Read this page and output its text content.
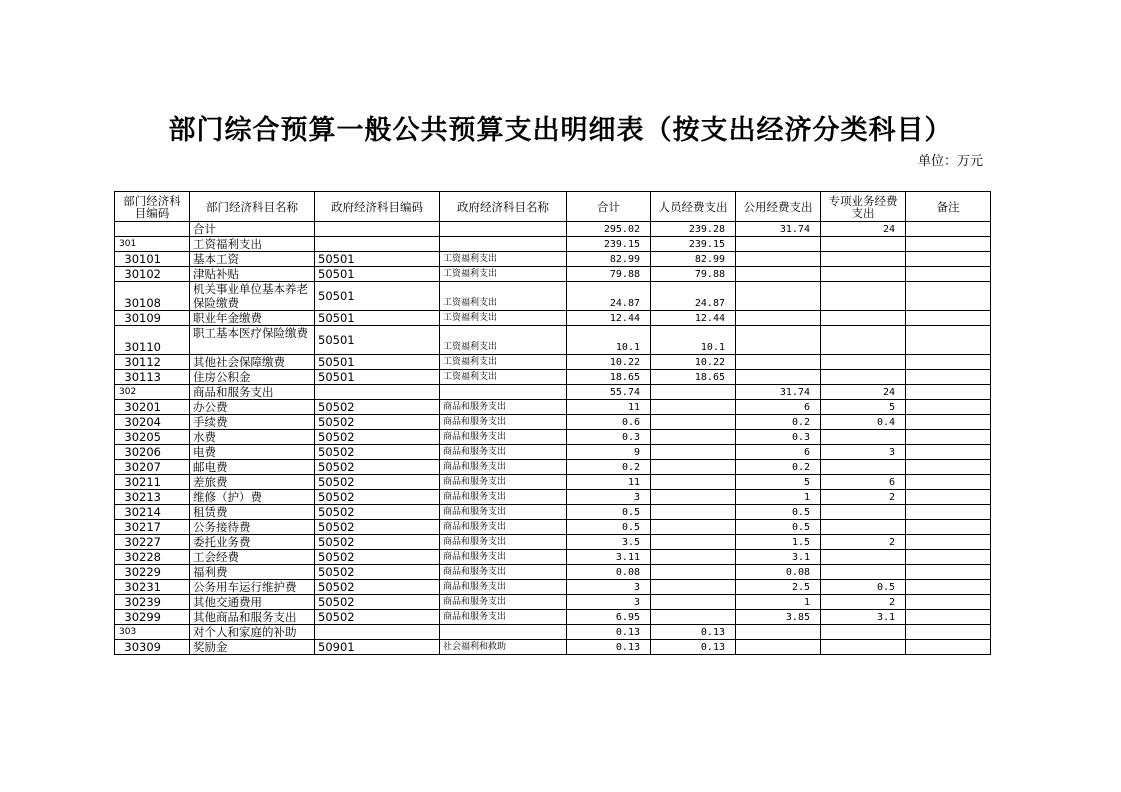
部门综合预算一般公共预算支出明细表（按支出经济分类科目）
单位：万元
部门经济科目编码	部门经济科目名称	政府经济科目编码	政府经济科目名称	合计	人员经费支出	公用经费支出	专项业务经费支出	备注
	合计			295.02	239.28	31.74	24	
301	工资福利支出			239.15	239.15			
30101	基本工资	50501	工资福利支出	82.99	82.99			
30102	津贴补贴	50501	工资福利支出	79.88	79.88			
30108	机关事业单位基本养老保险缴费	50501	工资福利支出	24.87	24.87			
30109	职业年金缴费	50501	工资福利支出	12.44	12.44			
30110	职工基本医疗保险缴费	50501	工资福利支出	10.1	10.1			
30112	其他社会保障缴费	50501	工资福利支出	10.22	10.22			
30113	住房公积金	50501	工资福利支出	18.65	18.65			
302	商品和服务支出			55.74		31.74	24	
30201	办公费	50502	商品和服务支出	11		6	5	
30204	手续费	50502	商品和服务支出	0.6		0.2	0.4	
30205	水费	50502	商品和服务支出	0.3		0.3		
30206	电费	50502	商品和服务支出	9		6	3	
30207	邮电费	50502	商品和服务支出	0.2		0.2		
30211	差旅费	50502	商品和服务支出	11		5	6	
30213	维修（护）费	50502	商品和服务支出	3		1	2	
30214	租赁费	50502	商品和服务支出	0.5		0.5		
30217	公务接待费	50502	商品和服务支出	0.5		0.5		
30227	委托业务费	50502	商品和服务支出	3.5		1.5	2	
30228	工会经费	50502	商品和服务支出	3.11		3.1		
30229	福利费	50502	商品和服务支出	0.08		0.08		
30231	公务用车运行维护费	50502	商品和服务支出	3		2.5	0.5	
30239	其他交通费用	50502	商品和服务支出	3		1	2	
30299	其他商品和服务支出	50502	商品和服务支出	6.95		3.85	3.1	
303	对个人和家庭的补助			0.13	0.13			
30309	奖励金	50901	社会福利和救助	0.13	0.13			
